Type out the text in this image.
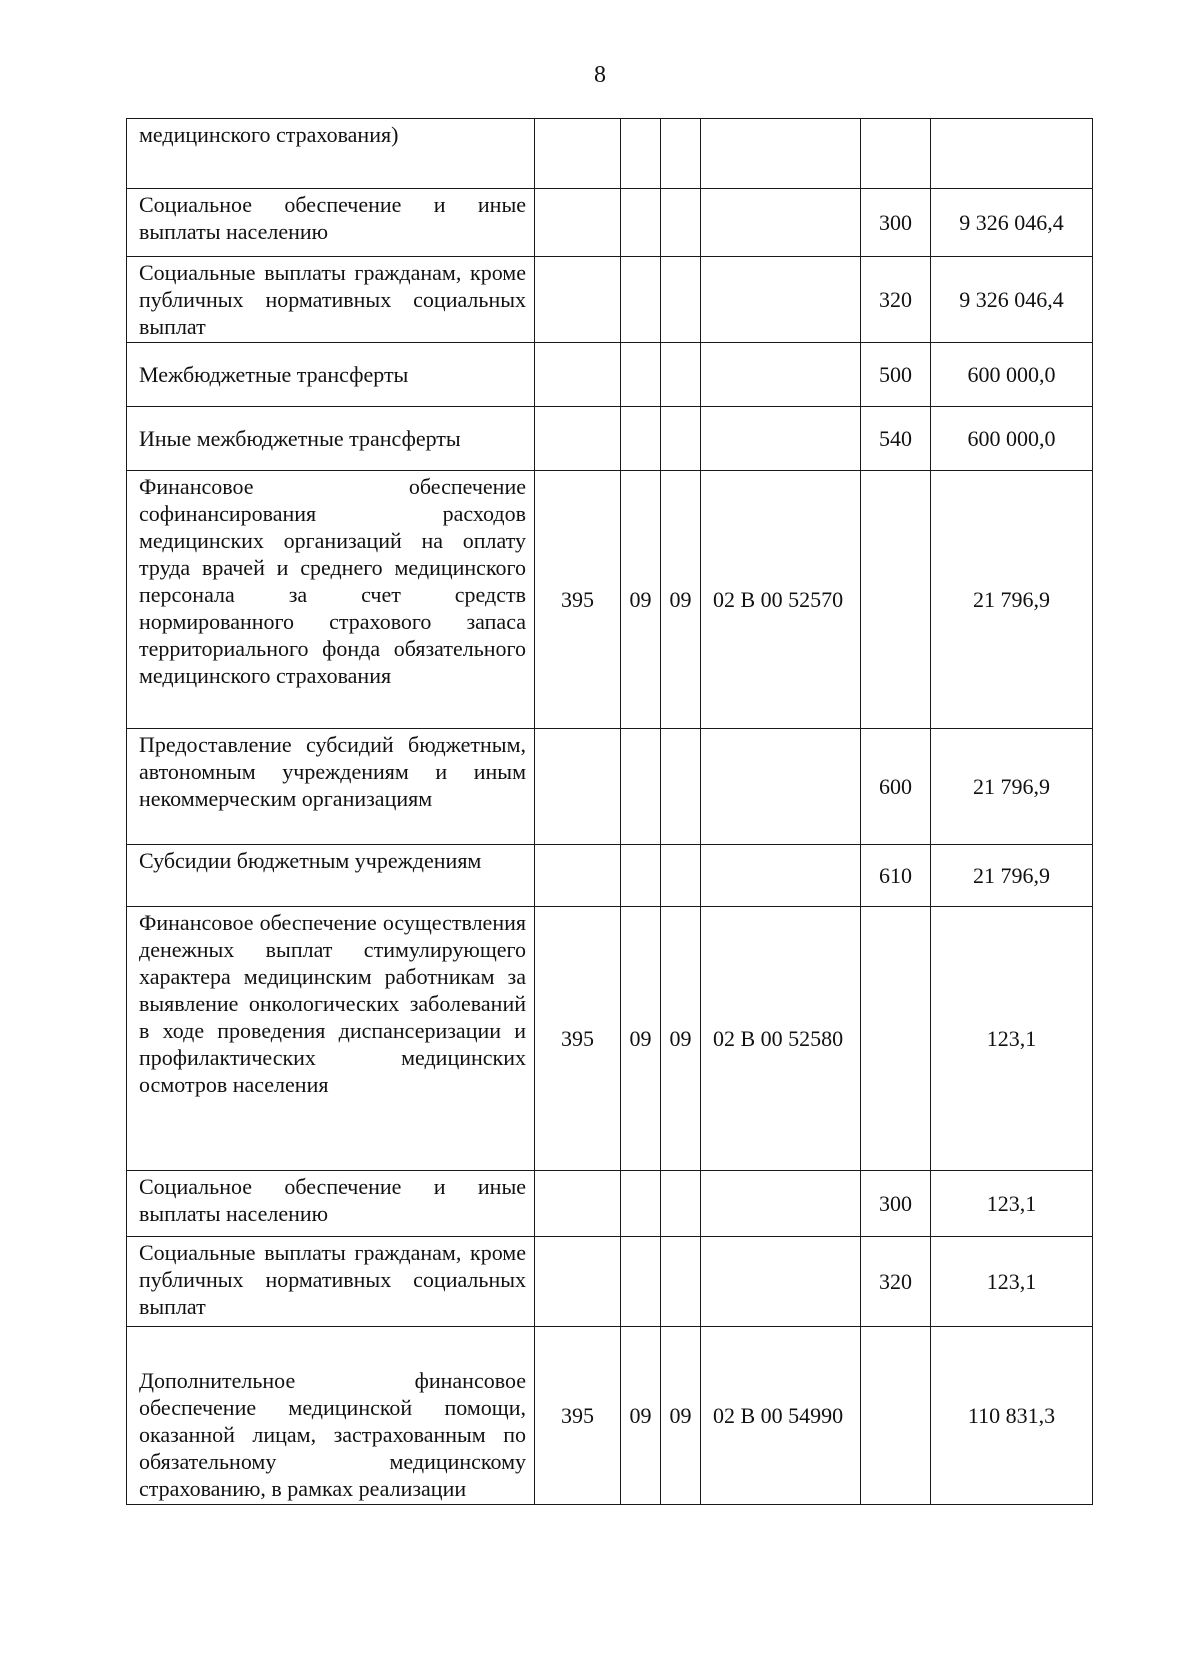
8
медицинского страхования)						
Социальное обеспечение и иные выплаты населению					300	9 326 046,4
Социальные выплаты гражданам, кроме публичных нормативных социальных выплат					320	9 326 046,4
Межбюджетные трансферты					500	600 000,0
Иные межбюджетные трансферты					540	600 000,0
Финансовое обеспечение софинансирования расходов медицинских организаций на оплату труда врачей и среднего медицинского персонала за счет средств нормированного страхового запаса территориального фонда обязательного медицинского страхования	395	09	09	02 В 00 52570		21 796,9
Предоставление субсидий бюджетным, автономным учреждениям и иным некоммерческим организациям					600	21 796,9
Субсидии бюджетным учреждениям					610	21 796,9
Финансовое обеспечение осуществления денежных выплат стимулирующего характера медицинским работникам за выявление онкологических заболеваний в ходе проведения диспансеризации и профилактических медицинских осмотров населения	395	09	09	02 В 00 52580		123,1
Социальное обеспечение и иные выплаты населению					300	123,1
Социальные выплаты гражданам, кроме публичных нормативных социальных выплат					320	123,1
Дополнительное финансовое обеспечение медицинской помощи, оказанной лицам, застрахованным по обязательному медицинскому страхованию, в рамках реализации	395	09	09	02 В 00 54990		110 831,3
